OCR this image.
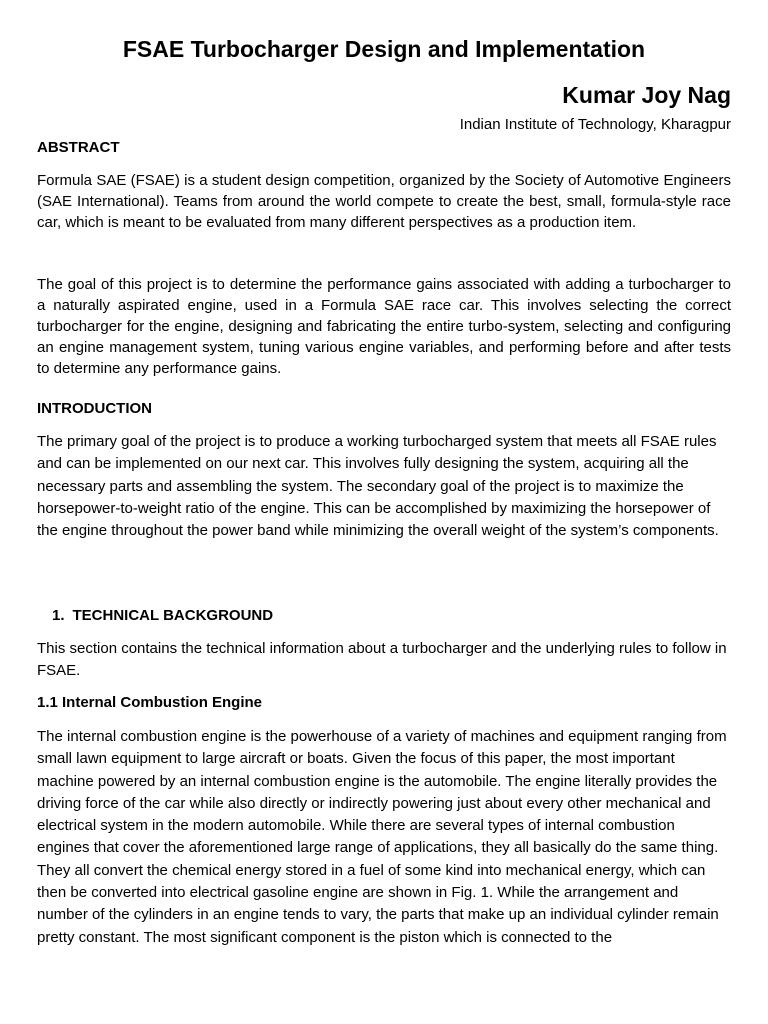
FSAE Turbocharger Design and Implementation
Kumar Joy Nag
Indian Institute of Technology, Kharagpur
ABSTRACT

Formula SAE (FSAE) is a student design competition, organized by the Society of Automotive Engineers (SAE International). Teams from around the world compete to create the best, small, formula-style race car, which is meant to be evaluated from many different perspectives as a production item.

The goal of this project is to determine the performance gains associated with adding a turbocharger to a naturally aspirated engine, used in a Formula SAE race car. This involves selecting the correct turbocharger for the engine, designing and fabricating the entire turbo-system, selecting and configuring an engine management system, tuning various engine variables, and performing before and after tests to determine any performance gains.

INTRODUCTION

The primary goal of the project is to produce a working turbocharged system that meets all FSAE rules and can be implemented on our next car. This involves fully designing the system, acquiring all the necessary parts and assembling the system. The secondary goal of the project is to maximize the horsepower-to-weight ratio of the engine. This can be accomplished by maximizing the horsepower of the engine throughout the power band while minimizing the overall weight of the system’s components.

1. TECHNICAL BACKGROUND

This section contains the technical information about a turbocharger and the underlying rules to follow in FSAE.

1.1 Internal Combustion Engine

The internal combustion engine is the powerhouse of a variety of machines and equipment ranging from small lawn equipment to large aircraft or boats. Given the focus of this paper, the most important machine powered by an internal combustion engine is the automobile. The engine literally provides the driving force of the car while also directly or indirectly powering just about every other mechanical and electrical system in the modern automobile. While there are several types of internal combustion engines that cover the aforementioned large range of applications, they all basically do the same thing. They all convert the chemical energy stored in a fuel of some kind into mechanical energy, which can then be converted into electrical gasoline engine are shown in Fig. 1. While the arrangement and number of the cylinders in an engine tends to vary, the parts that make up an individual cylinder remain pretty constant. The most significant component is the piston which is connected to the
